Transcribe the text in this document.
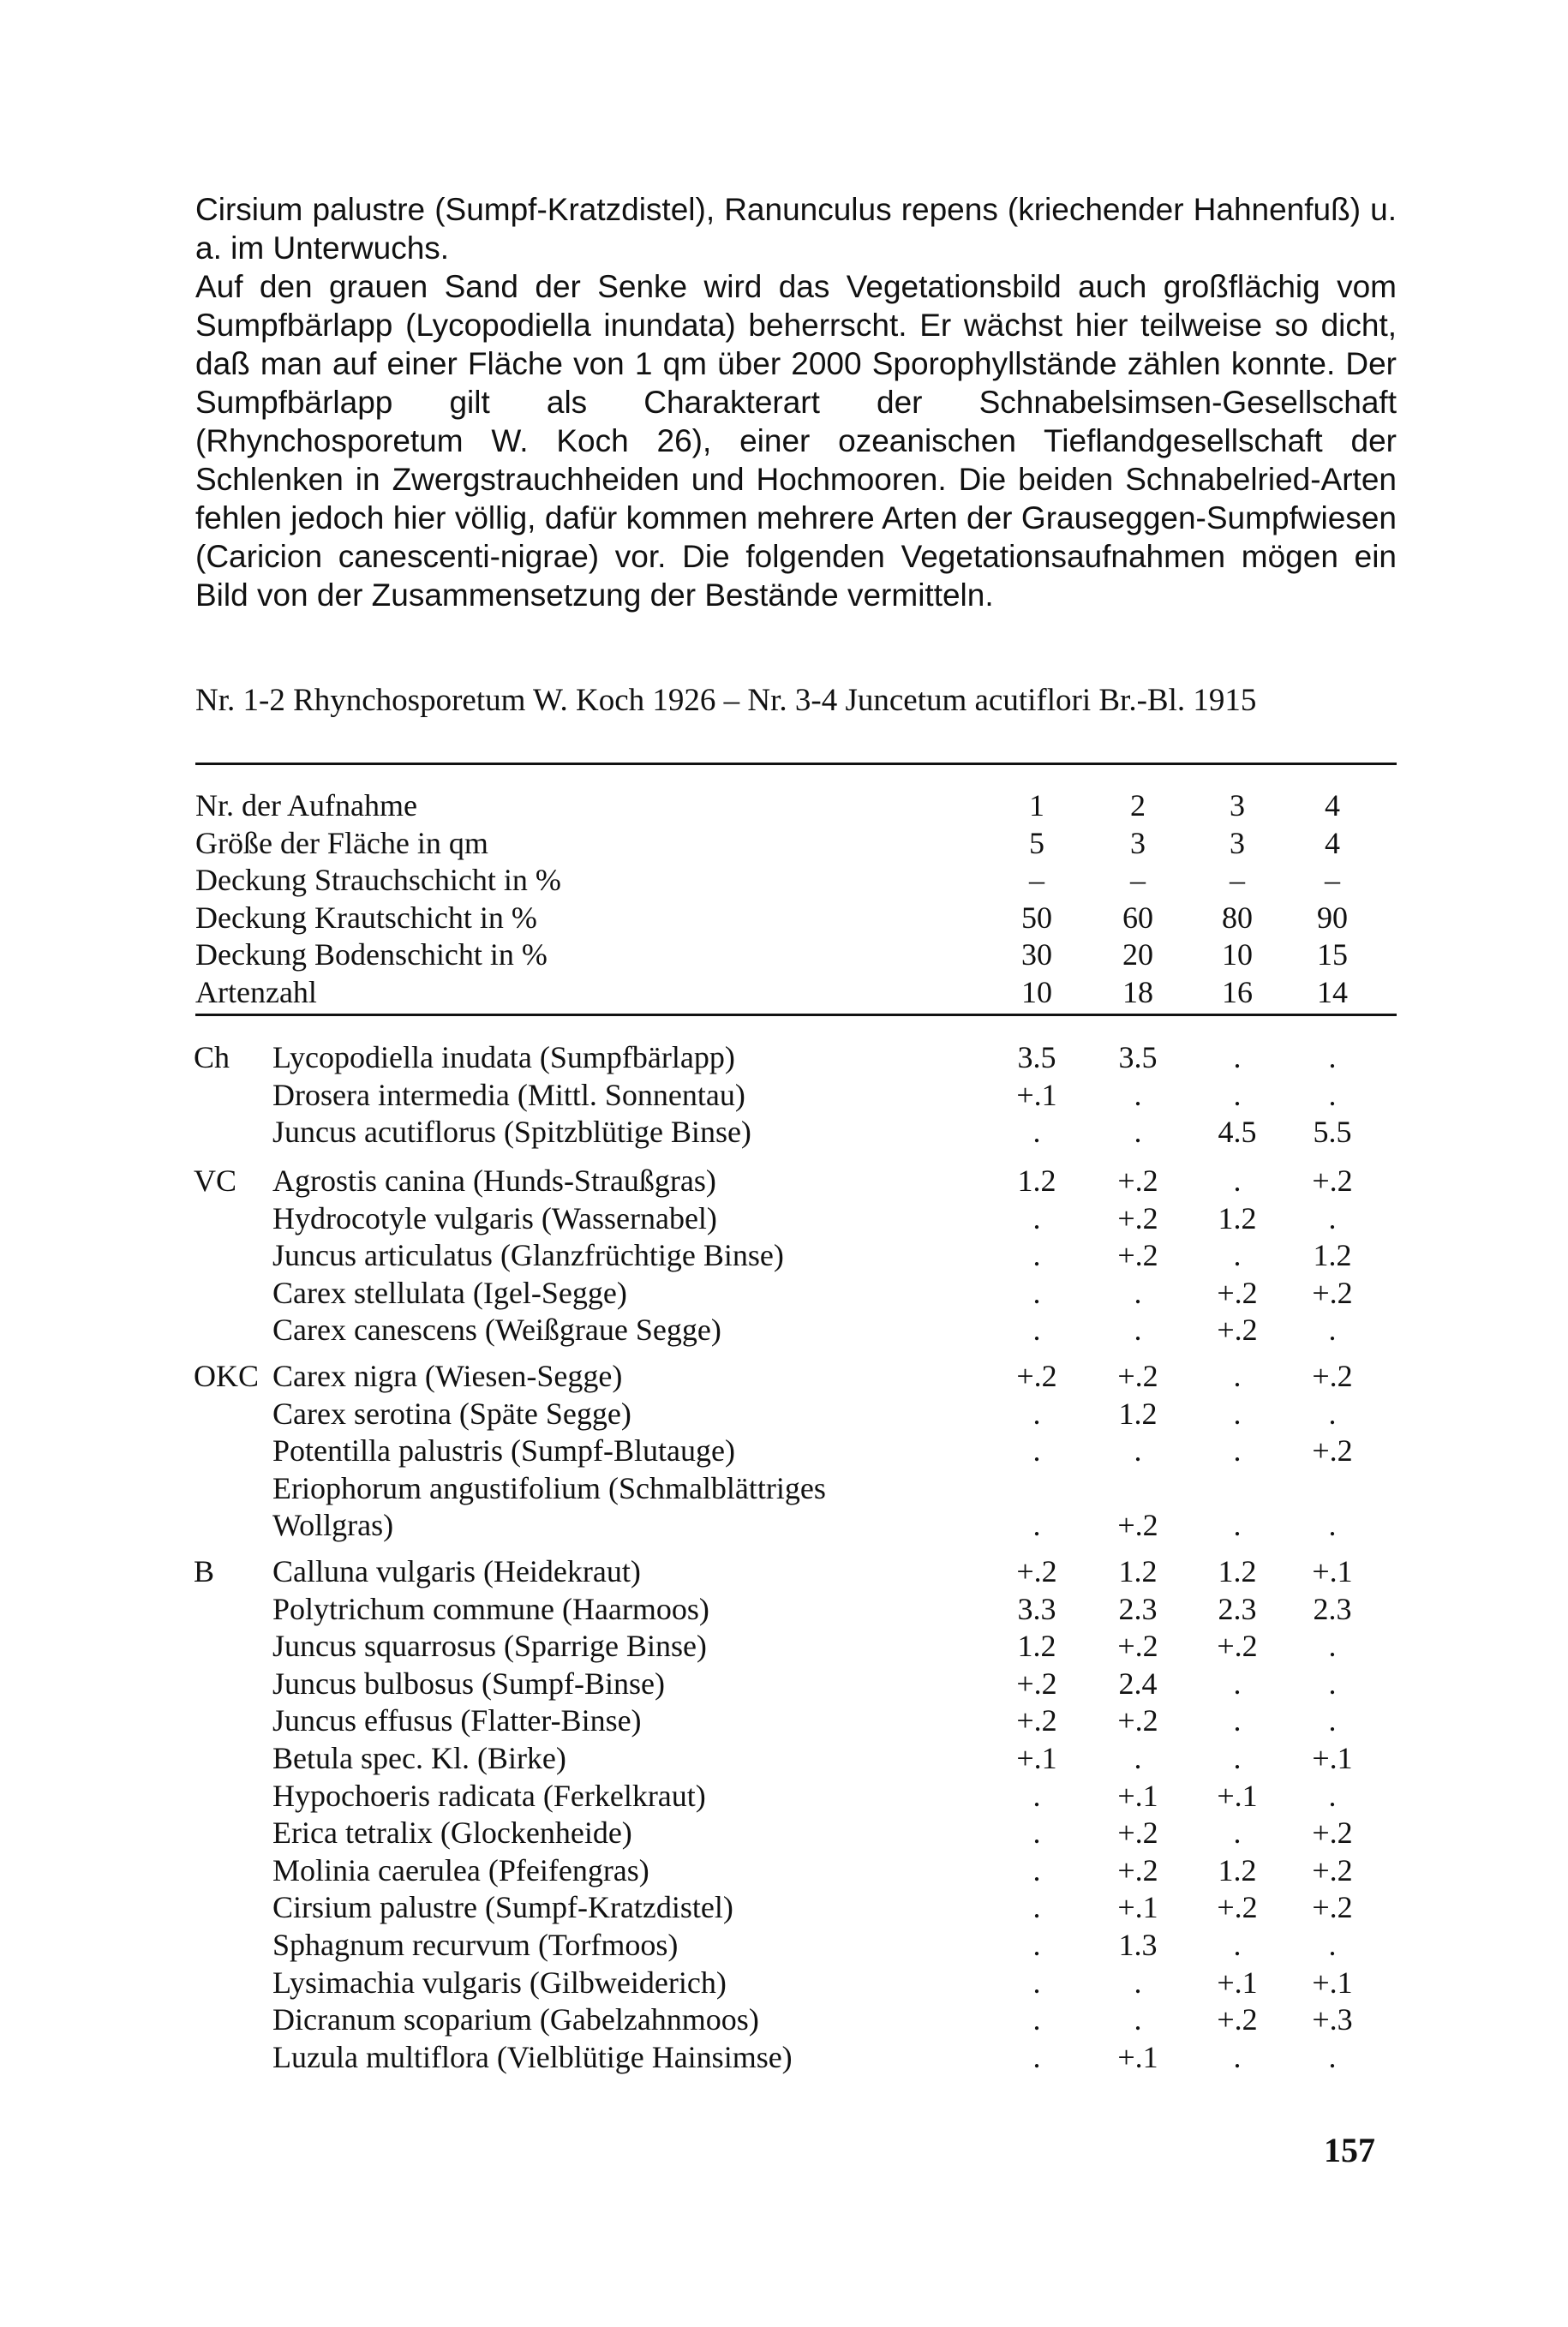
Cirsium palustre (Sumpf-Kratzdistel), Ranunculus repens (kriechender Hahnenfuß) u. a. im Unterwuchs.

Auf den grauen Sand der Senke wird das Vegetationsbild auch großflächig vom Sumpfbärlapp (Lycopodiella inundata) beherrscht. Er wächst hier teilweise so dicht, daß man auf einer Fläche von 1 qm über 2000 Sporophyllstände zählen konnte. Der Sumpfbärlapp gilt als Charakterart der Schnabelsimsen-Gesellschaft (Rhynchosporetum W. Koch 26), einer ozeanischen Tieflandgesellschaft der Schlenken in Zwergstrauchheiden und Hochmooren. Die beiden Schnabelried-Arten fehlen jedoch hier völlig, dafür kommen mehrere Arten der Grauseggen-Sumpfwiesen (Caricion canescenti-nigrae) vor. Die folgenden Vegetationsaufnahmen mögen ein Bild von der Zusammensetzung der Bestände vermitteln.

Nr. 1-2 Rhynchosporetum W. Koch 1926 – Nr. 3-4 Juncetum acutiflori Br.-Bl. 1915
Nr. der Aufnahme	1	2	3	4
Größe der Fläche in qm	5	3	3	4
Deckung Strauchschicht in %	–	–	–	–
Deckung Krautschicht in %	50	60	80	90
Deckung Bodenschicht in %	30	20	10	15
Artenzahl	10	18	16	14
Ch Lycopodiella inudata (Sumpfbärlapp)	3.5	3.5	.	.
Drosera intermedia (Mittl. Sonnentau)	+.1	.	.	.
Juncus acutiflorus (Spitzblütige Binse)	.	.	4.5	5.5
VC Agrostis canina (Hunds-Straußgras)	1.2	+.2	.	+.2
Hydrocotyle vulgaris (Wassernabel)	.	+.2	1.2	.
Juncus articulatus (Glanzfrüchtige Binse)	.	+.2	.	1.2
Carex stellulata (Igel-Segge)	.	.	+.2	+.2
Carex canescens (Weißgraue Segge)	.	.	+.2	.
OKC Carex nigra (Wiesen-Segge)	+.2	+.2	.	+.2
Carex serotina (Späte Segge)	.	1.2	.	.
Potentilla palustris (Sumpf-Blutauge)	.	.	.	+.2
Eriophorum angustifolium (Schmalblättriges
Wollgras)	.	+.2	.	.
B Calluna vulgaris (Heidekraut)	+.2	1.2	1.2	+.1
Polytrichum commune (Haarmoos)	3.3	2.3	2.3	2.3
Juncus squarrosus (Sparrige Binse)	1.2	+.2	+.2	.
Juncus bulbosus (Sumpf-Binse)	+.2	2.4	.	.
Juncus effusus (Flatter-Binse)	+.2	+.2	.	.
Betula spec. Kl. (Birke)	+.1	.	.	+.1
Hypochoeris radicata (Ferkelkraut)	.	+.1	+.1	.
Erica tetralix (Glockenheide)	.	+.2	.	+.2
Molinia caerulea (Pfeifengras)	.	+.2	1.2	+.2
Cirsium palustre (Sumpf-Kratzdistel)	.	+.1	+.2	+.2
Sphagnum recurvum (Torfmoos)	.	1.3	.	.
Lysimachia vulgaris (Gilbweiderich)	.	.	+.1	+.1
Dicranum scoparium (Gabelzahnmoos)	.	.	+.2	+.3
Luzula multiflora (Vielblütige Hainsimse)	.	+.1	.	.
157
